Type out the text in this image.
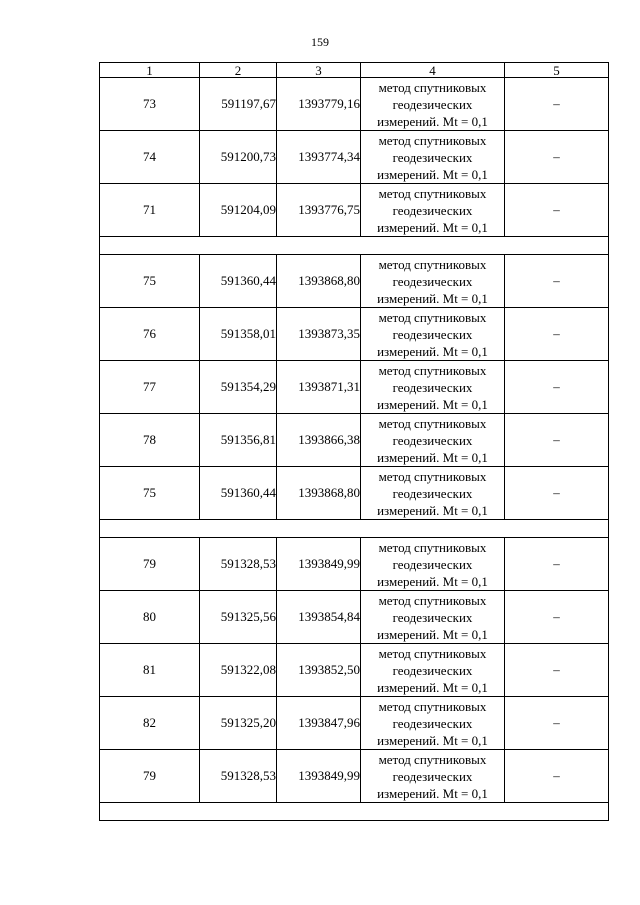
159
1	2	3	4	5
73	591197,67	1393779,16	метод спутниковых
геодезических
измерений. Mt = 0,1	–
74	591200,73	1393774,34	метод спутниковых
геодезических
измерений. Mt = 0,1	–
71	591204,09	1393776,75	метод спутниковых
геодезических
измерений. Mt = 0,1	–

75	591360,44	1393868,80	метод спутниковых
геодезических
измерений. Mt = 0,1	–
76	591358,01	1393873,35	метод спутниковых
геодезических
измерений. Mt = 0,1	–
77	591354,29	1393871,31	метод спутниковых
геодезических
измерений. Mt = 0,1	–
78	591356,81	1393866,38	метод спутниковых
геодезических
измерений. Mt = 0,1	–
75	591360,44	1393868,80	метод спутниковых
геодезических
измерений. Mt = 0,1	–

79	591328,53	1393849,99	метод спутниковых
геодезических
измерений. Mt = 0,1	–
80	591325,56	1393854,84	метод спутниковых
геодезических
измерений. Mt = 0,1	–
81	591322,08	1393852,50	метод спутниковых
геодезических
измерений. Mt = 0,1	–
82	591325,20	1393847,96	метод спутниковых
геодезических
измерений. Mt = 0,1	–
79	591328,53	1393849,99	метод спутниковых
геодезических
измерений. Mt = 0,1	–
